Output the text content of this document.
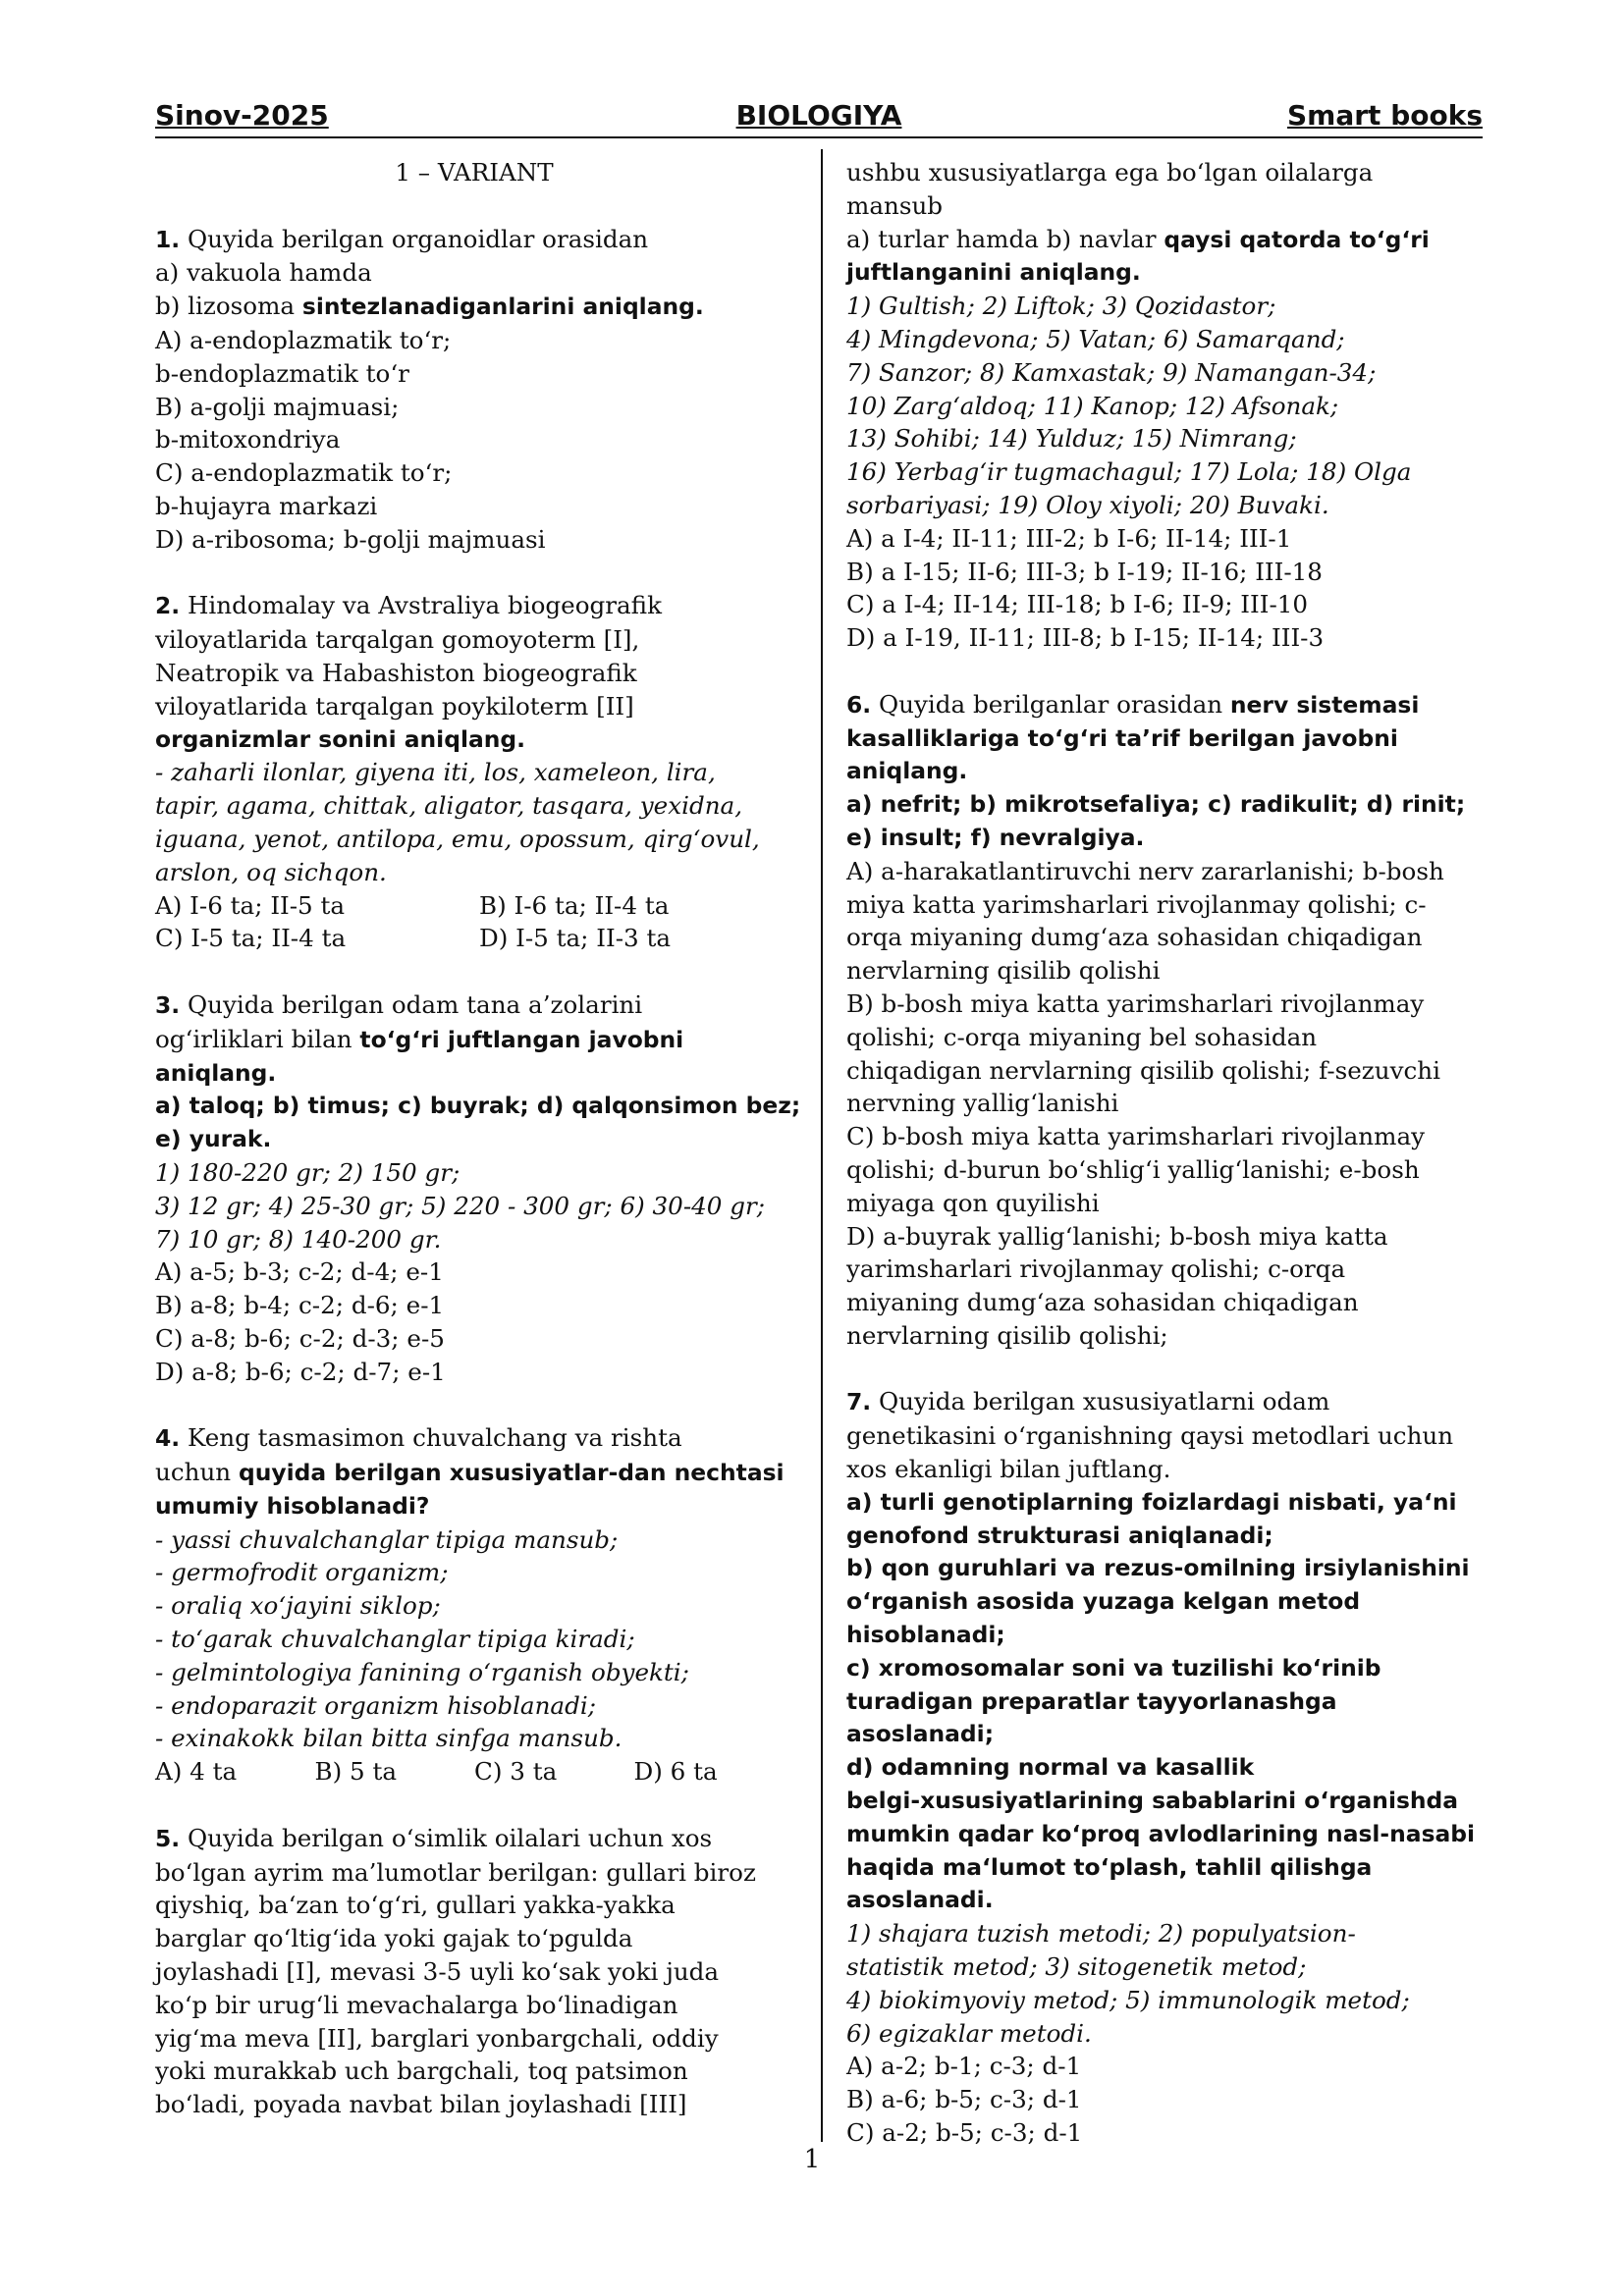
Sinov-2025	BIOLOGIYA	Smart books
1 – VARIANT
1. Quyida berilgan organoidlar orasidan
a) vakuola hamda
b) lizosoma sintezlanadiganlarini aniqlang.
A) a-endoplazmatik to‘r;
b-endoplazmatik to‘r
B) a-golji majmuasi;
b-mitoxondriya
C) a-endoplazmatik to‘r;
b-hujayra markazi
D) a-ribosoma; b-golji majmuasi
2. Hindomalay va Avstraliya biogeografik
viloyatlarida tarqalgan gomoyoterm [I],
Neatropik va Habashiston biogeografik
viloyatlarida tarqalgan poykiloterm [II]
organizmlar sonini aniqlang.
- zaharli ilonlar, giyena iti, los, xameleon, lira,
tapir, agama, chittak, aligator, tasqara, yexidna,
iguana, yenot, antilopa, emu, opossum, qirg‘ovul,
arslon, oq sichqon.
A) I-6 ta; II-5 ta	B) I-6 ta; II-4 ta
C) I-5 ta; II-4 ta	D) I-5 ta; II-3 ta
3. Quyida berilgan odam tana a’zolarini
og‘irliklari bilan to‘g‘ri juftlangan javobni
aniqlang.
a) taloq; b) timus; c) buyrak; d) qalqonsimon bez;
e) yurak.
1) 180-220 gr; 2) 150 gr;
3) 12 gr; 4) 25-30 gr; 5) 220 - 300 gr; 6) 30-40 gr;
7) 10 gr; 8) 140-200 gr.
A) a-5; b-3; c-2; d-4; e-1
B) a-8; b-4; c-2; d-6; e-1
C) a-8; b-6; c-2; d-3; e-5
D) a-8; b-6; c-2; d-7; e-1
4. Keng tasmasimon chuvalchang va rishta
uchun quyida berilgan xususiyatlar-dan nechtasi
umumiy hisoblanadi?
- yassi chuvalchanglar tipiga mansub;
- germofrodit organizm;
- oraliq xo‘jayini siklop;
- to‘garak chuvalchanglar tipiga kiradi;
- gelmintologiya fanining o‘rganish obyekti;
- endoparazit organizm hisoblanadi;
- exinakokk bilan bitta sinfga mansub.
A) 4 ta	B) 5 ta	C) 3 ta	D) 6 ta
5. Quyida berilgan o‘simlik oilalari uchun xos
bo‘lgan ayrim ma’lumotlar berilgan: gullari biroz
qiyshiq, ba‘zan to‘g‘ri, gullari yakka-yakka
barglar qo‘ltig‘ida yoki gajak to‘pgulda
joylashadi [I], mevasi 3-5 uyli ko‘sak yoki juda
ko‘p bir urug‘li mevachalarga bo‘linadigan
yig‘ma meva [II], barglari yonbargchali, oddiy
yoki murakkab uch bargchali, toq patsimon
bo‘ladi, poyada navbat bilan joylashadi [III]
ushbu xususiyatlarga ega bo‘lgan oilalarga
mansub
a) turlar hamda b) navlar qaysi qatorda to‘g‘ri
juftlanganini aniqlang.
1) Gultish; 2) Liftok; 3) Qozidastor;
4) Mingdevona; 5) Vatan; 6) Samarqand;
7) Sanzor; 8) Kamxastak; 9) Namangan-34;
10) Zarg‘aldoq; 11) Kanop; 12) Afsonak;
13) Sohibi; 14) Yulduz; 15) Nimrang;
16) Yerbag‘ir tugmachagul; 17) Lola; 18) Olga
sorbariyasi; 19) Oloy xiyoli; 20) Buvaki.
A) a I-4; II-11; III-2; b I-6; II-14; III-1
B) a I-15; II-6; III-3; b I-19; II-16; III-18
C) a I-4; II-14; III-18; b I-6; II-9; III-10
D) a I-19, II-11; III-8; b I-15; II-14; III-3
6. Quyida berilganlar orasidan nerv sistemasi
kasalliklariga to‘g‘ri ta’rif berilgan javobni
aniqlang.
a) nefrit; b) mikrotsefaliya; c) radikulit; d) rinit;
e) insult; f) nevralgiya.
A) a-harakatlantiruvchi nerv zararlanishi; b-bosh
miya katta yarimsharlari rivojlanmay qolishi; c-
orqa miyaning dumg‘aza sohasidan chiqadigan
nervlarning qisilib qolishi
B) b-bosh miya katta yarimsharlari rivojlanmay
qolishi; c-orqa miyaning bel sohasidan
chiqadigan nervlarning qisilib qolishi; f-sezuvchi
nervning yallig‘lanishi
C) b-bosh miya katta yarimsharlari rivojlanmay
qolishi; d-burun bo‘shlig‘i yallig‘lanishi; e-bosh
miyaga qon quyilishi
D) a-buyrak yallig‘lanishi; b-bosh miya katta
yarimsharlari rivojlanmay qolishi; c-orqa
miyaning dumg‘aza sohasidan chiqadigan
nervlarning qisilib qolishi;
7. Quyida berilgan xususiyatlarni odam
genetikasini o‘rganishning qaysi metodlari uchun
xos ekanligi bilan juftlang.
a) turli genotiplarning foizlardagi nisbati, ya‘ni
genofond strukturasi aniqlanadi;
b) qon guruhlari va rezus-omilning irsiylanishini
o‘rganish asosida yuzaga kelgan metod
hisoblanadi;
c) xromosomalar soni va tuzilishi ko‘rinib
turadigan preparatlar tayyorlanashga
asoslanadi;
d) odamning normal va kasallik
belgi-xususiyatlarining sabablarini o‘rganishda
mumkin qadar ko‘proq avlodlarining nasl-nasabi
haqida ma‘lumot to‘plash, tahlil qilishga
asoslanadi.
1) shajara tuzish metodi; 2) populyatsion-
statistik metod; 3) sitogenetik metod;
4) biokimyoviy metod; 5) immunologik metod;
6) egizaklar metodi.
A) a-2; b-1; c-3; d-1
B) a-6; b-5; c-3; d-1
C) a-2; b-5; c-3; d-1
1
